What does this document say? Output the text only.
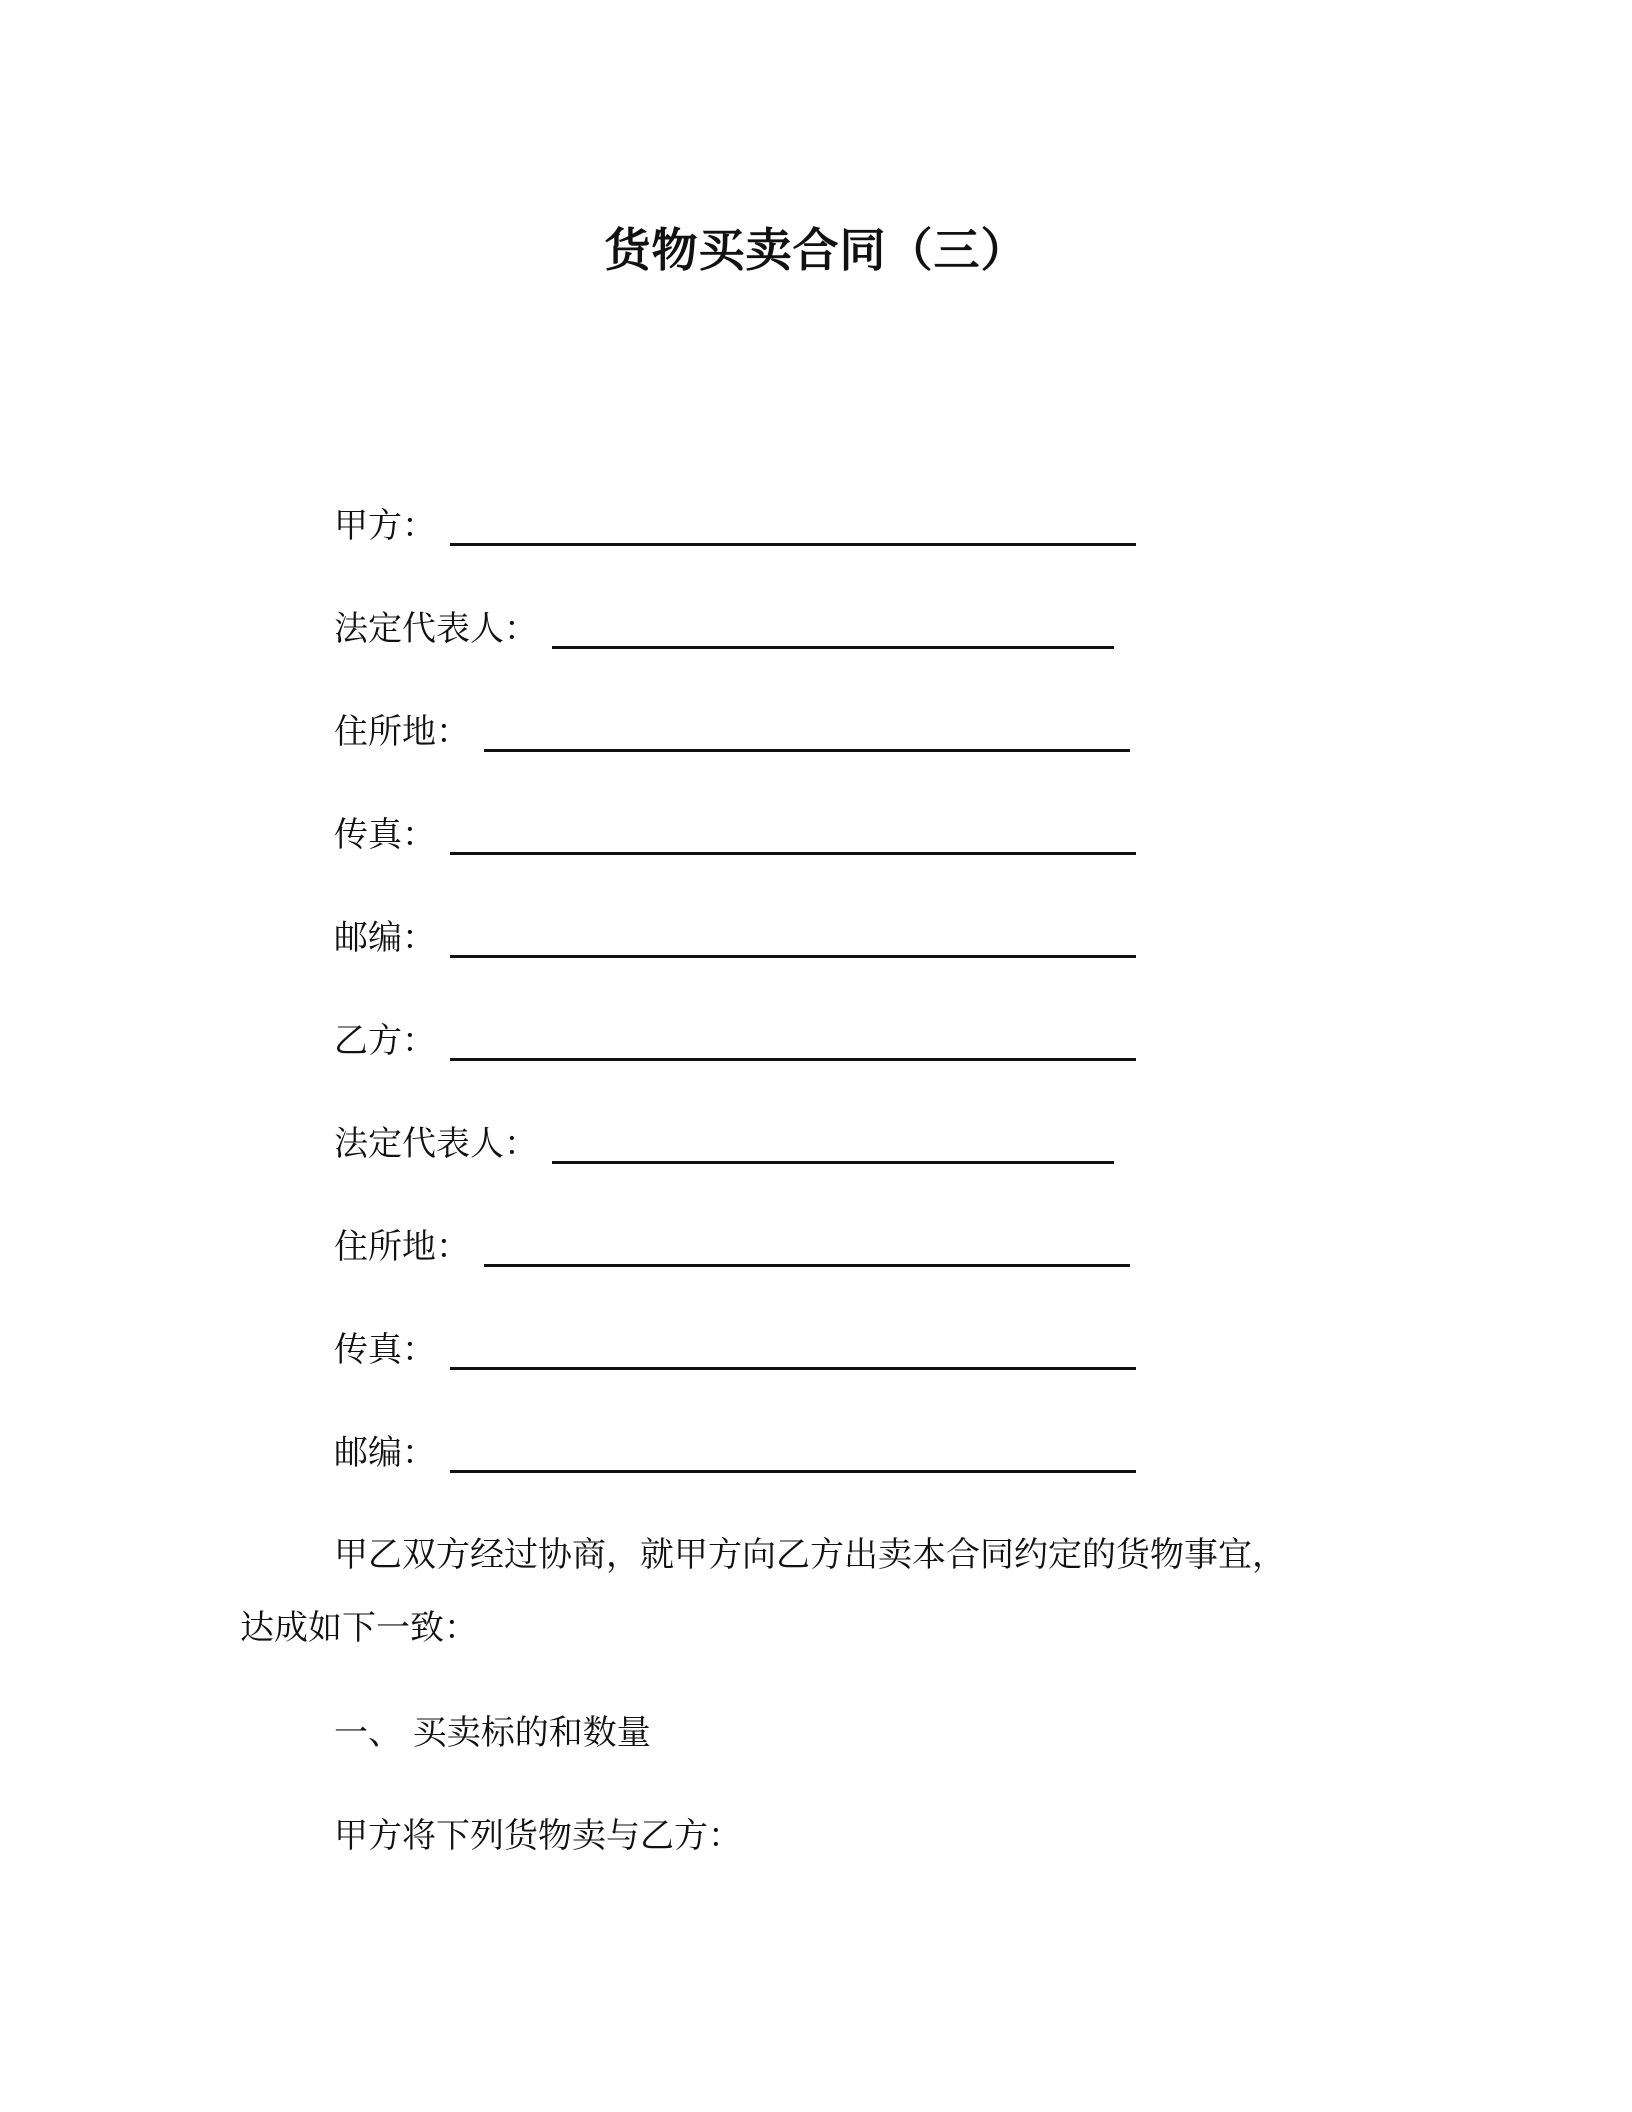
货物买卖合同（三）
甲方：
法定代表人：
住所地：
传真：
邮编：
乙方：
法定代表人：
住所地：
传真：
邮编：
甲乙双方经过协商，就甲方向乙方出卖本合同约定的货物事宜，
达成如下一致：
一、 买卖标的和数量
甲方将下列货物卖与乙方：
